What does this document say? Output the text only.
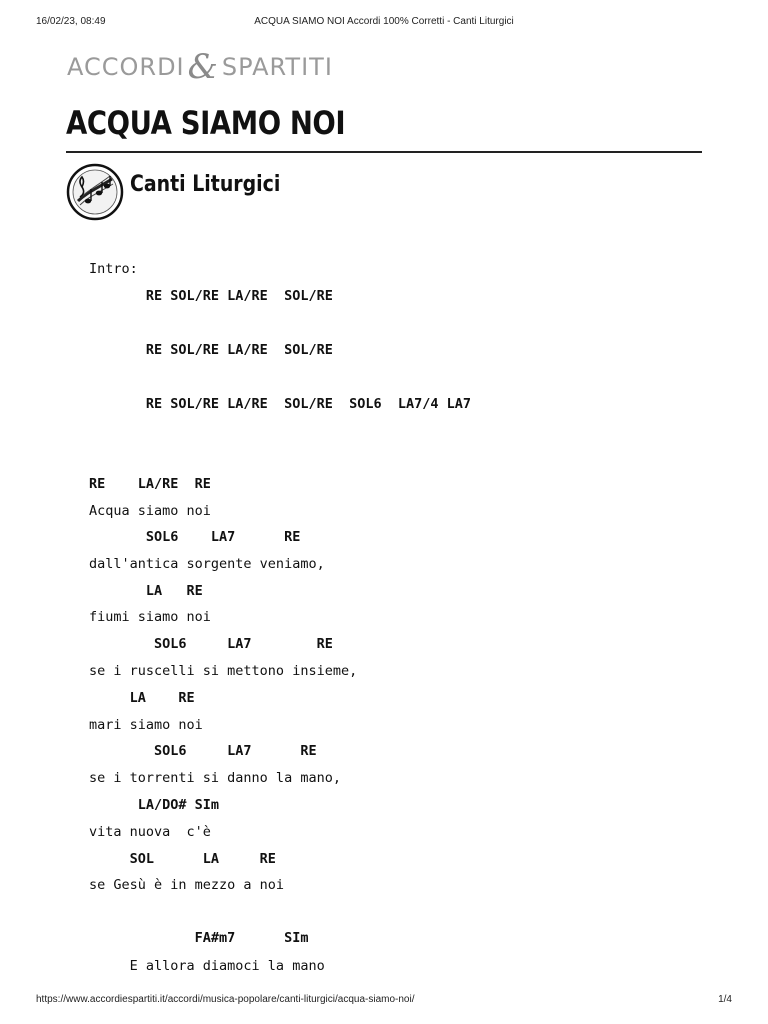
16/02/23, 08:49	ACQUA SIAMO NOI Accordi 100% Corretti - Canti Liturgici
ACCORDI & SPARTITI
ACQUA SIAMO NOI
Canti Liturgici
Intro:
RE SOL/RE LA/RE  SOL/RE
RE SOL/RE LA/RE  SOL/RE
RE SOL/RE LA/RE  SOL/RE  SOL6  LA7/4 LA7
RE    LA/RE  RE
Acqua siamo noi
SOL6    LA7      RE
dall'antica sorgente veniamo,
LA   RE
fiumi siamo noi
SOL6     LA7        RE
se i ruscelli si mettono insieme,
LA    RE
mari siamo noi
SOL6     LA7      RE
se i torrenti si danno la mano,
LA/DO# SIm
vita nuova  c'è
SOL      LA     RE
se Gesù è in mezzo a noi
FA#m7      SIm
E allora diamoci la mano
https://www.accordiespartiti.it/accordi/musica-popolare/canti-liturgici/acqua-siamo-noi/	1/4
